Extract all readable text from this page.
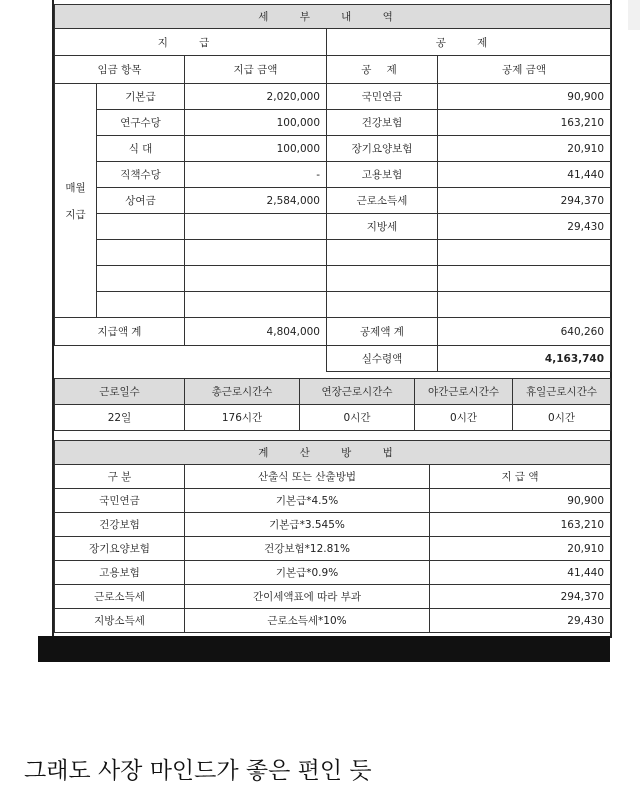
세 부 내 역				
지 급			공 제	
임금 항목		지급 금액	공 제	공제 금액

매월
지급	기본급	2,020,000	국민연금	90,900
	연구수당	100,000	건강보험	163,210
	식 대	100,000	장기요양보험	20,910
	직책수당	-	고용보험	41,440
	상여금	2,584,000	근로소득세	294,370
			지방세	29,430

지급액 계		4,804,000	공제액 계	640,260
			실수령액	4,163,740
근로일수	총근로시간수	연장근로시간수	야간근로시간수	휴일근로시간수
22일	176시간	0시간	0시간	0시간
계 산 방 법		
구 분	산출식 또는 산출방법	지 급 액
국민연금	기본급*4.5%	90,900
건강보험	기본급*3.545%	163,210
장기요양보험	건강보험*12.81%	20,910
고용보험	기본급*0.9%	41,440
근로소득세	간이세액표에 따라 부과	294,370
지방소득세	근로소득세*10%	29,430
그래도 사장 마인드가 좋은 편인 듯
